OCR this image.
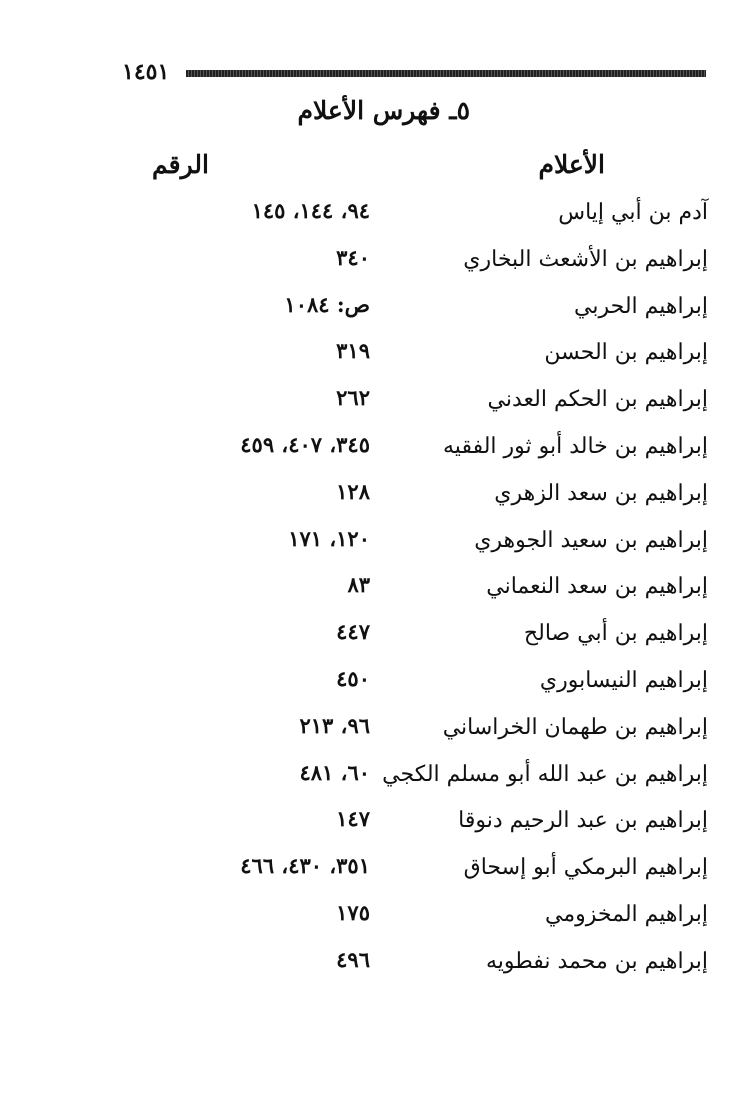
١٤٥١
٥ـ فهرس الأعلام
الأعلام
الرقم
آدم بن أبي إياس
٩٤، ١٤٤، ١٤٥
إبراهيم بن الأشعث البخاري
٣٤٠
إبراهيم الحربي
ص: ١٠٨٤
إبراهيم بن الحسن
٣١٩
إبراهيم بن الحكم العدني
٢٦٢
إبراهيم بن خالد أبو ثور الفقيه
٣٤٥، ٤٠٧، ٤٥٩
إبراهيم بن سعد الزهري
١٢٨
إبراهيم بن سعيد الجوهري
١٢٠، ١٧١
إبراهيم بن سعد النعماني
٨٣
إبراهيم بن أبي صالح
٤٤٧
إبراهيم النيسابوري
٤٥٠
إبراهيم بن طهمان الخراساني
٩٦، ٢١٣
إبراهيم بن عبد الله أبو مسلم الكجي
٦٠، ٤٨١
إبراهيم بن عبد الرحيم دنوقا
١٤٧
إبراهيم البرمكي أبو إسحاق
٣٥١، ٤٣٠، ٤٦٦
إبراهيم المخزومي
١٧٥
إبراهيم بن محمد نفطويه
٤٩٦
